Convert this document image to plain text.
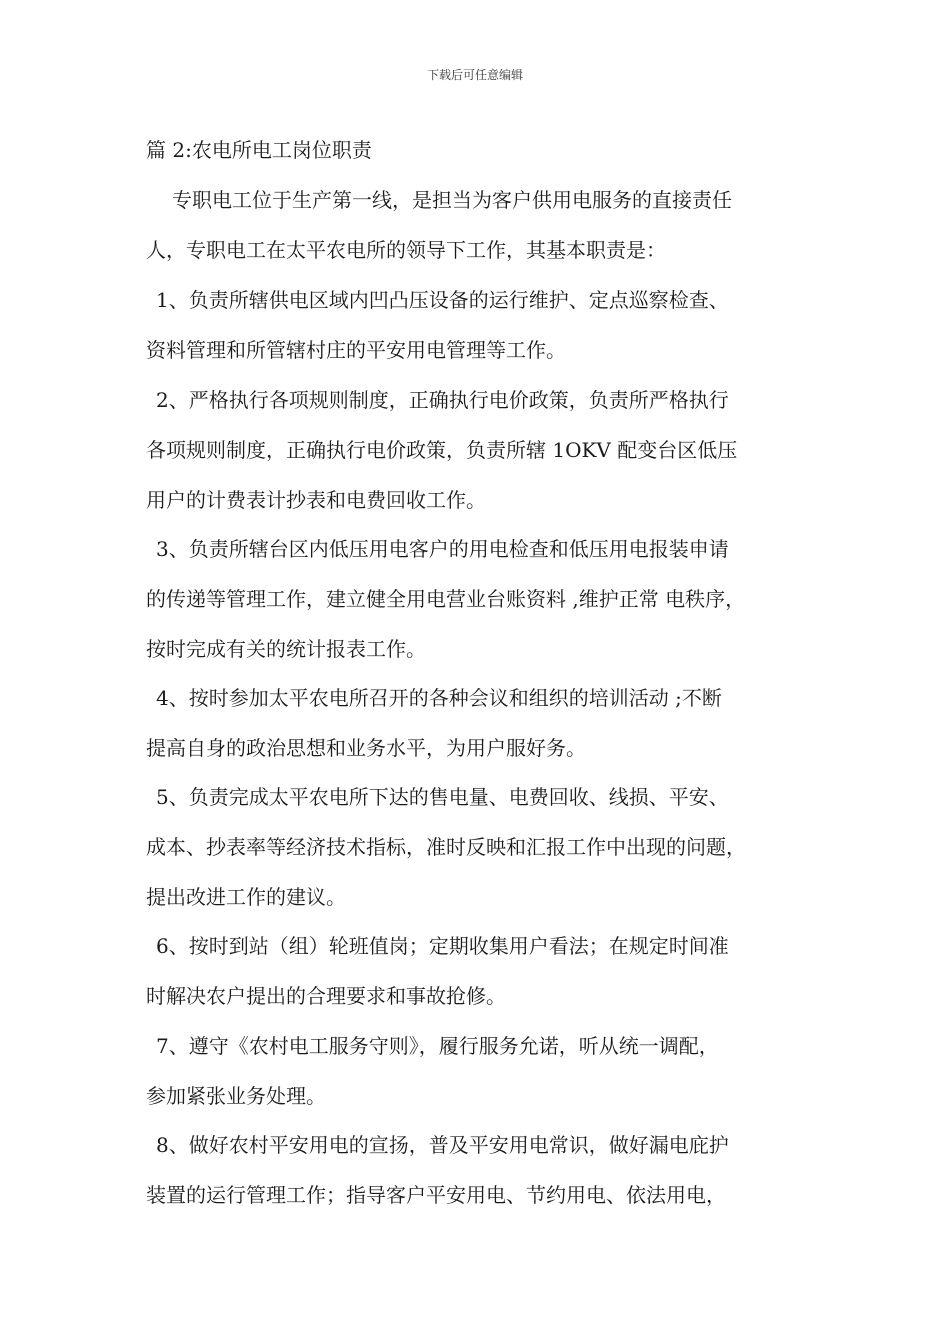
下载后可任意编辑
篇 2:农电所电工岗位职责
专职电工位于生产第一线，是担当为客户供用电服务的直接责任
人，专职电工在太平农电所的领导下工作，其基本职责是：
1、负责所辖供电区域内凹凸压设备的运行维护、定点巡察检查、
资料管理和所管辖村庄的平安用电管理等工作。
2、严格执行各项规则制度，正确执行电价政策，负责所严格执行
各项规则制度，正确执行电价政策，负责所辖 1OKV 配变台区低压
用户的计费表计抄表和电费回收工作。
3、负责所辖台区内低压用电客户的用电检查和低压用电报装申请
的传递等管理工作，建立健全用电营业台账资料 ,维护正常 电秩序，
按时完成有关的统计报表工作。
4、按时参加太平农电所召开的各种会议和组织的培训活动 ;不断
提高自身的政治思想和业务水平，为用户服好务。
5、负责完成太平农电所下达的售电量、电费回收、线损、平安、
成本、抄表率等经济技术指标，准时反映和汇报工作中出现的问题，
提出改进工作的建议。
6、按时到站（组）轮班值岗；定期收集用户看法；在规定时间准
时解决农户提出的合理要求和事故抢修。
7、遵守《农村电工服务守则》，履行服务允诺，听从统一调配，
参加紧张业务处理。
8、做好农村平安用电的宣扬，普及平安用电常识，做好漏电庇护
装置的运行管理工作；指导客户平安用电、节约用电、依法用电，
